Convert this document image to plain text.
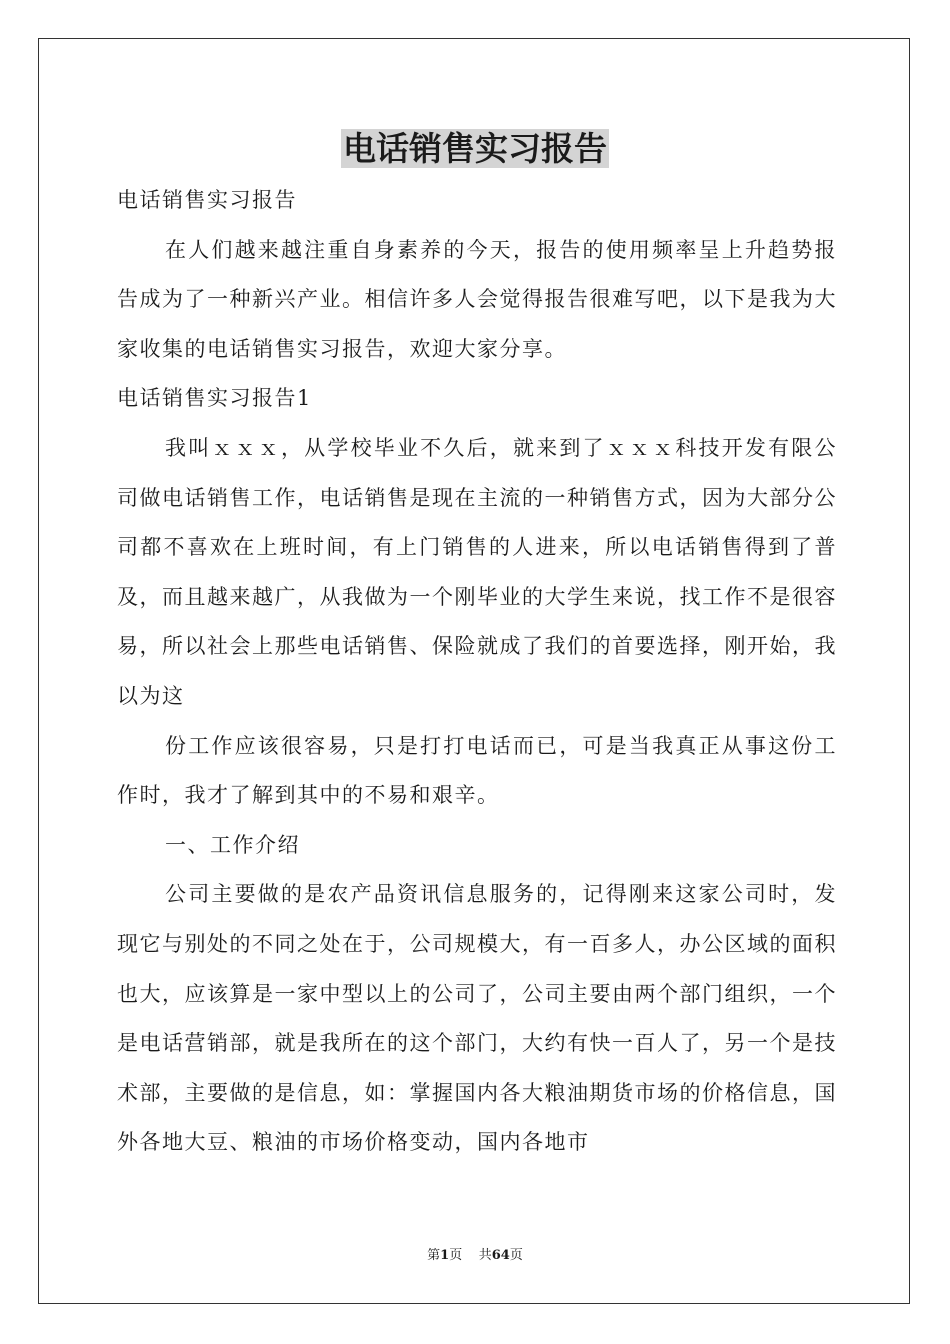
电话销售实习报告

电话销售实习报告

在人们越来越注重自身素养的今天，报告的使用频率呈上升趋势报告成为了一种新兴产业。相信许多人会觉得报告很难写吧，以下是我为大家收集的电话销售实习报告，欢迎大家分享。

电话销售实习报告1

我叫ｘｘｘ，从学校毕业不久后，就来到了ｘｘｘ科技开发有限公司做电话销售工作，电话销售是现在主流的一种销售方式，因为大部分公司都不喜欢在上班时间，有上门销售的人进来，所以电话销售得到了普及，而且越来越广，从我做为一个刚毕业的大学生来说，找工作不是很容易，所以社会上那些电话销售、保险就成了我们的首要选择，刚开始，我以为这

份工作应该很容易，只是打打电话而已，可是当我真正从事这份工作时，我才了解到其中的不易和艰辛。

一、工作介绍

公司主要做的是农产品资讯信息服务的，记得刚来这家公司时，发现它与别处的不同之处在于，公司规模大，有一百多人，办公区域的面积也大，应该算是一家中型以上的公司了，公司主要由两个部门组织，一个是电话营销部，就是我所在的这个部门，大约有快一百人了，另一个是技术部，主要做的是信息，如：掌握国内各大粮油期货市场的价格信息，国外各地大豆、粮油的市场价格变动，国内各地市

第1页 共64页
